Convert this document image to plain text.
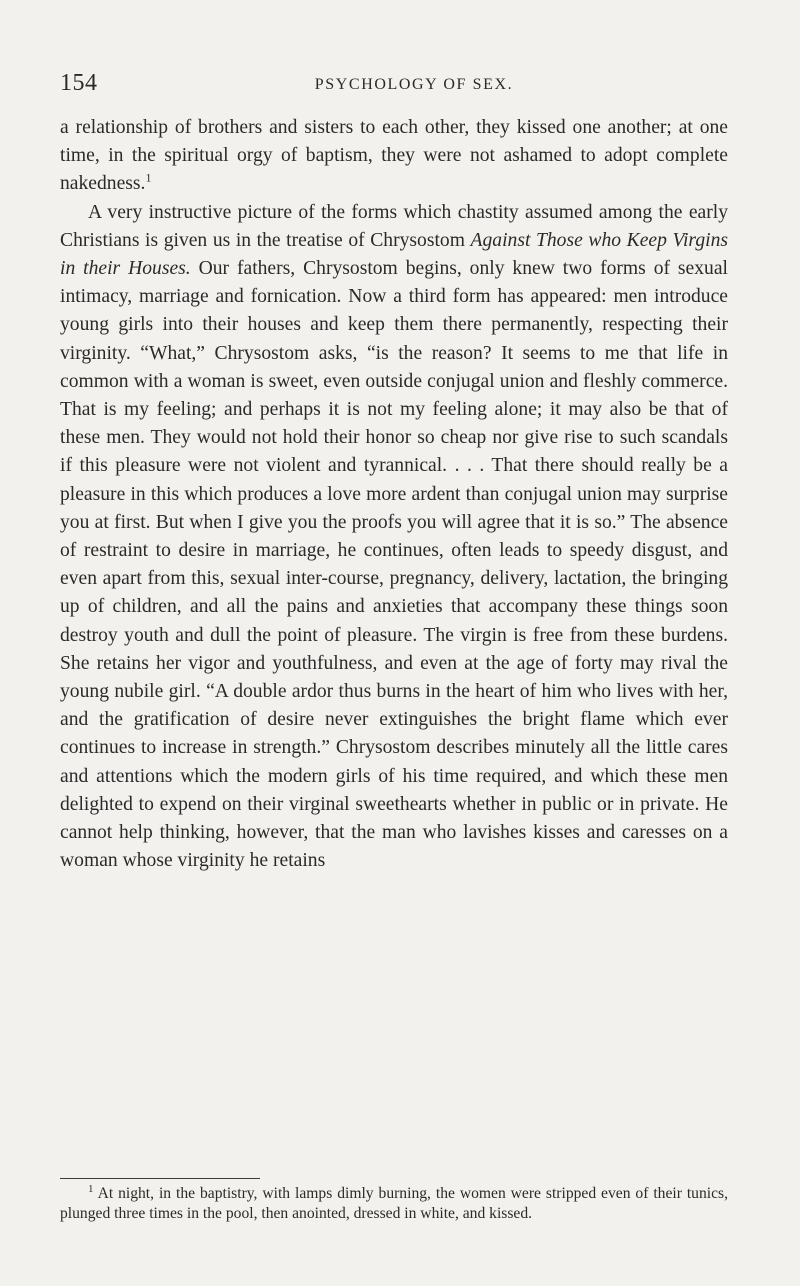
154	PSYCHOLOGY OF SEX.

a relationship of brothers and sisters to each other, they kissed one another; at one time, in the spiritual orgy of baptism, they were not ashamed to adopt complete nakedness.$^1$

A very instructive picture of the forms which chastity assumed among the early Christians is given us in the treatise of Chrysostom Against Those who Keep Virgins in their Houses. Our fathers, Chrysostom begins, only knew two forms of sexual intimacy, marriage and fornication. Now a third form has appeared: men introduce young girls into their houses and keep them there permanently, respecting their virginity. “What,” Chrysostom asks, “is the reason? It seems to me that life in common with a woman is sweet, even outside conjugal union and fleshly commerce. That is my feeling; and perhaps it is not my feeling alone; it may also be that of these men. They would not hold their honor so cheap nor give rise to such scandals if this pleasure were not violent and tyrannical. . . . That there should really be a pleasure in this which produces a love more ardent than conjugal union may surprise you at first. But when I give you the proofs you will agree that it is so.” The absence of restraint to desire in marriage, he continues, often leads to speedy disgust, and even apart from this, sexual inter-course, pregnancy, delivery, lactation, the bringing up of children, and all the pains and anxieties that accompany these things soon destroy youth and dull the point of pleasure. The virgin is free from these burdens. She retains her vigor and youthfulness, and even at the age of forty may rival the young nubile girl. “A double ardor thus burns in the heart of him who lives with her, and the gratification of desire never extinguishes the bright flame which ever continues to increase in strength.” Chrysostom describes minutely all the little cares and attentions which the modern girls of his time required, and which these men delighted to expend on their virginal sweethearts whether in public or in private. He cannot help thinking, however, that the man who lavishes kisses and caresses on a woman whose virginity he retains

$^1$ At night, in the baptistry, with lamps dimly burning, the women were stripped even of their tunics, plunged three times in the pool, then anointed, dressed in white, and kissed.
